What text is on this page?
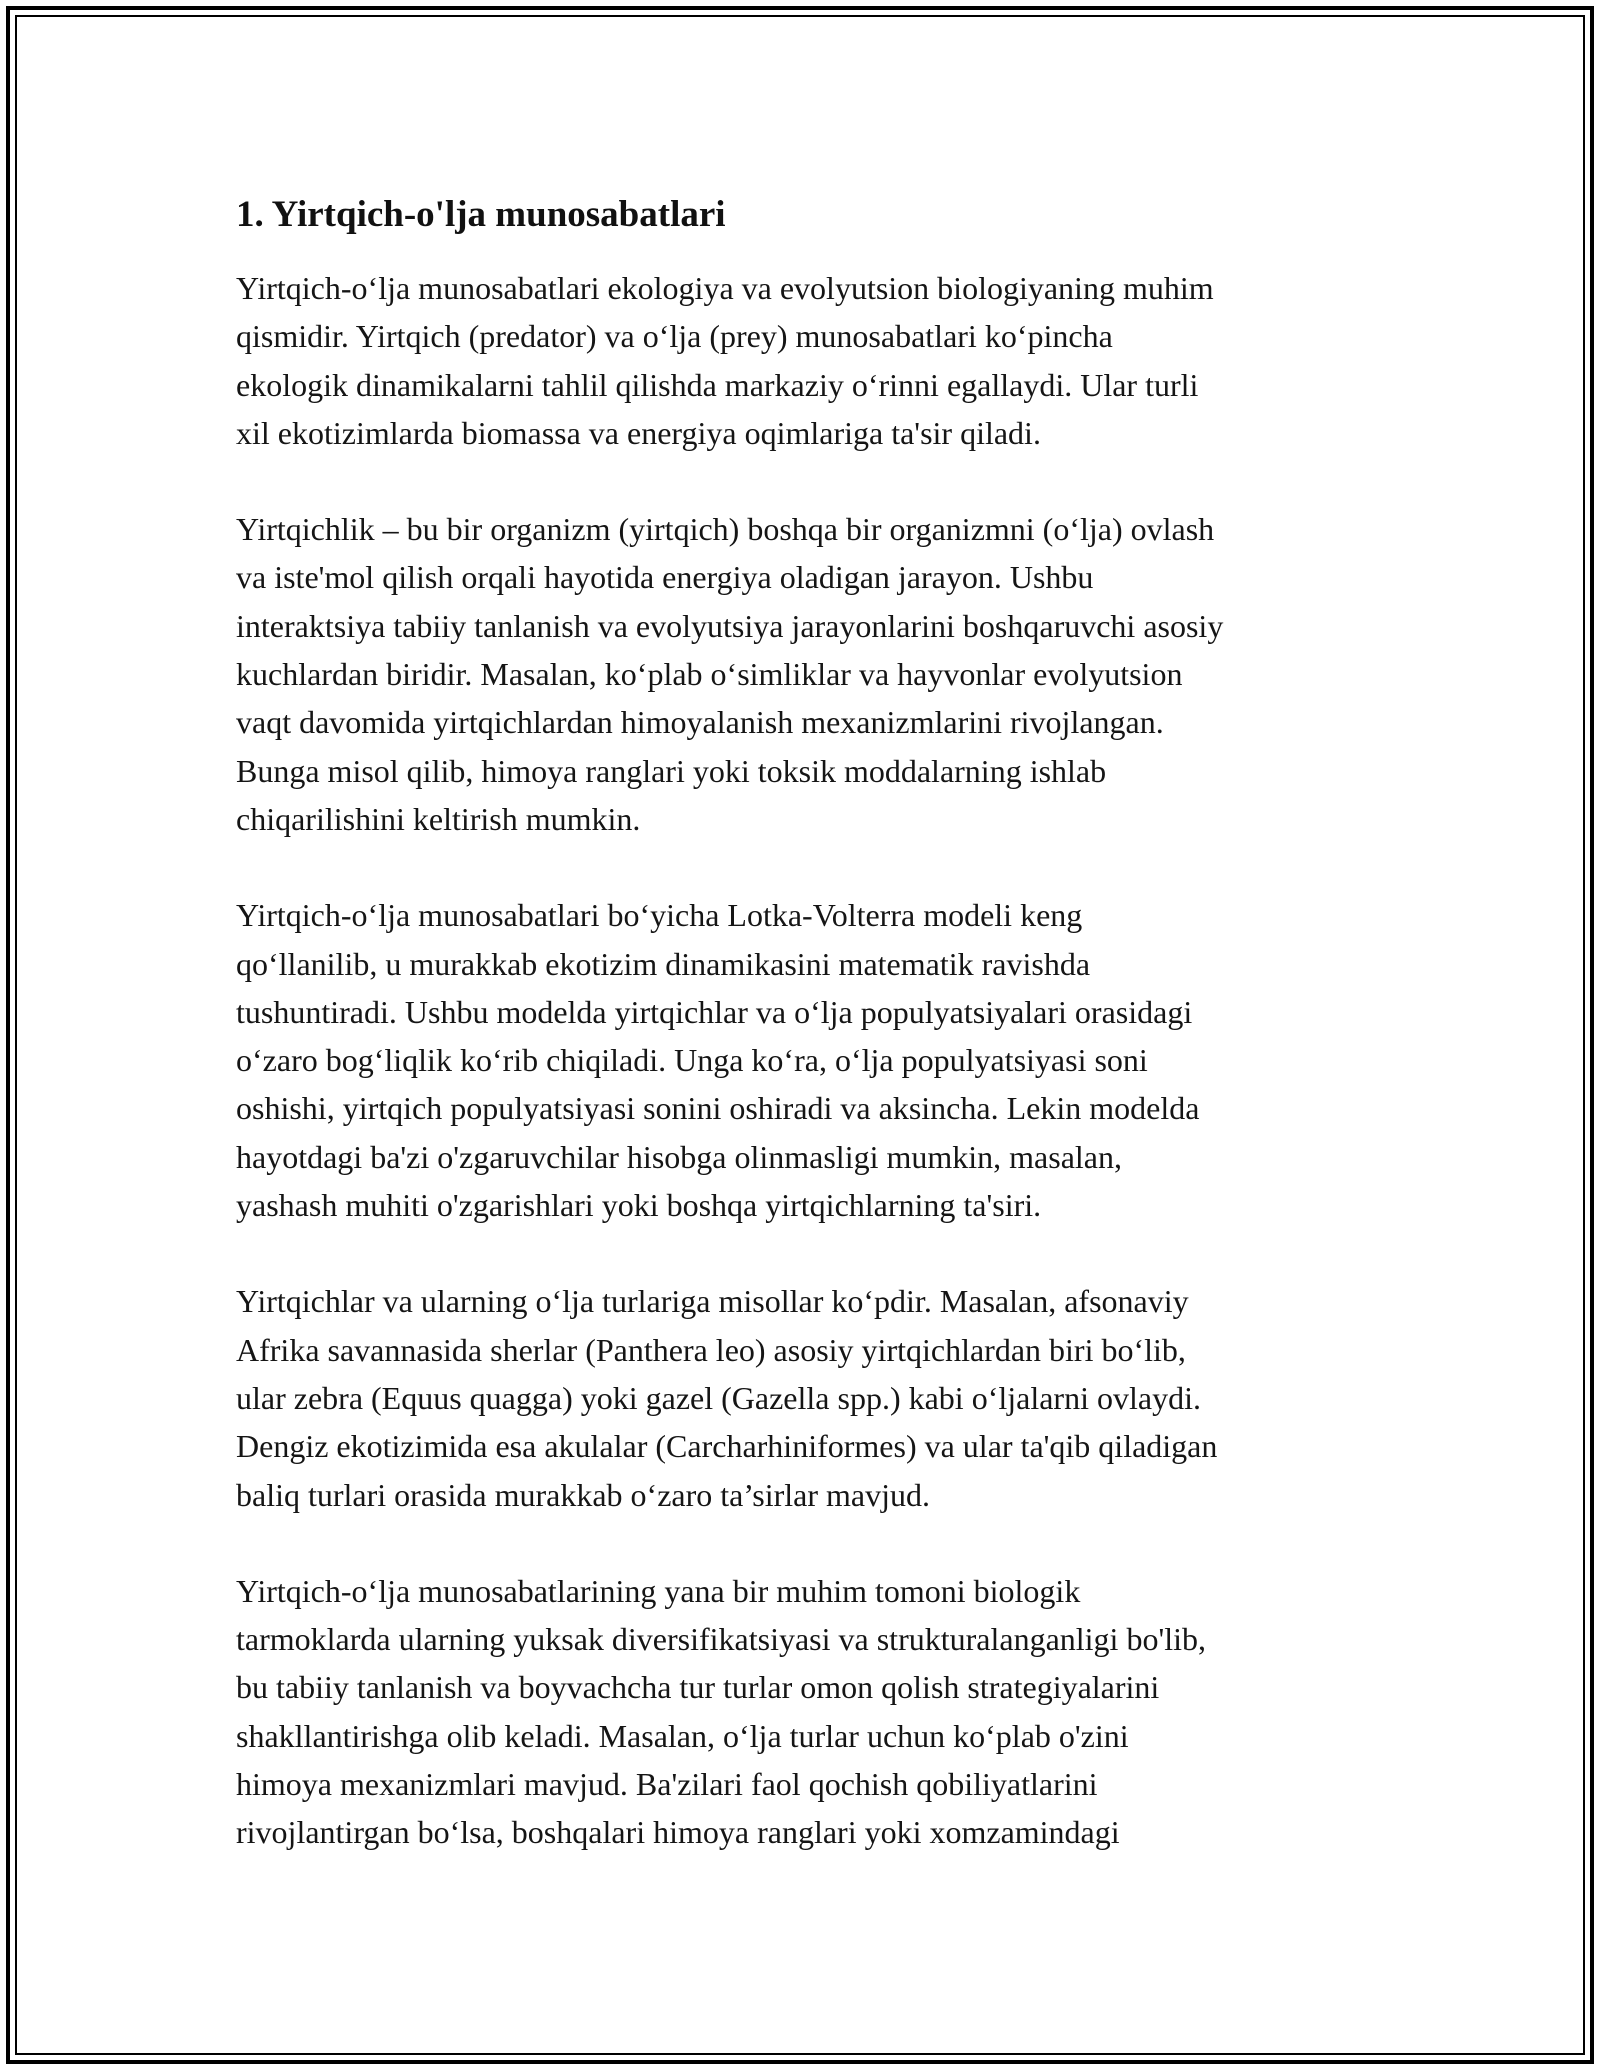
1. Yirtqich-o'lja munosabatlari

Yirtqich-o‘lja munosabatlari ekologiya va evolyutsion biologiyaning muhim
qismidir. Yirtqich (predator) va o‘lja (prey) munosabatlari ko‘pincha
ekologik dinamikalarni tahlil qilishda markaziy o‘rinni egallaydi. Ular turli
xil ekotizimlarda biomassa va energiya oqimlariga ta'sir qiladi.

Yirtqichlik – bu bir organizm (yirtqich) boshqa bir organizmni (o‘lja) ovlash
va iste'mol qilish orqali hayotida energiya oladigan jarayon. Ushbu
interaktsiya tabiiy tanlanish va evolyutsiya jarayonlarini boshqaruvchi asosiy
kuchlardan biridir. Masalan, ko‘plab o‘simliklar va hayvonlar evolyutsion
vaqt davomida yirtqichlardan himoyalanish mexanizmlarini rivojlangan.
Bunga misol qilib, himoya ranglari yoki toksik moddalarning ishlab
chiqarilishini keltirish mumkin.

Yirtqich-o‘lja munosabatlari bo‘yicha Lotka-Volterra modeli keng
qo‘llanilib, u murakkab ekotizim dinamikasini matematik ravishda
tushuntiradi. Ushbu modelda yirtqichlar va o‘lja populyatsiyalari orasidagi
o‘zaro bog‘liqlik ko‘rib chiqiladi. Unga ko‘ra, o‘lja populyatsiyasi soni
oshishi, yirtqich populyatsiyasi sonini oshiradi va aksincha. Lekin modelda
hayotdagi ba'zi o'zgaruvchilar hisobga olinmasligi mumkin, masalan,
yashash muhiti o'zgarishlari yoki boshqa yirtqichlarning ta'siri.

Yirtqichlar va ularning o‘lja turlariga misollar ko‘pdir. Masalan, afsonaviy
Afrika savannasida sherlar (Panthera leo) asosiy yirtqichlardan biri bo‘lib,
ular zebra (Equus quagga) yoki gazel (Gazella spp.) kabi o‘ljalarni ovlaydi.
Dengiz ekotizimida esa akulalar (Carcharhiniformes) va ular ta'qib qiladigan
baliq turlari orasida murakkab o‘zaro ta’sirlar mavjud.

Yirtqich-o‘lja munosabatlarining yana bir muhim tomoni biologik
tarmoklarda ularning yuksak diversifikatsiyasi va strukturalanganligi bo'lib,
bu tabiiy tanlanish va boyvachcha tur turlar omon qolish strategiyalarini
shakllantirishga olib keladi. Masalan, o‘lja turlar uchun ko‘plab o'zini
himoya mexanizmlari mavjud. Ba'zilari faol qochish qobiliyatlarini
rivojlantirgan bo‘lsa, boshqalari himoya ranglari yoki xomzamindagi
